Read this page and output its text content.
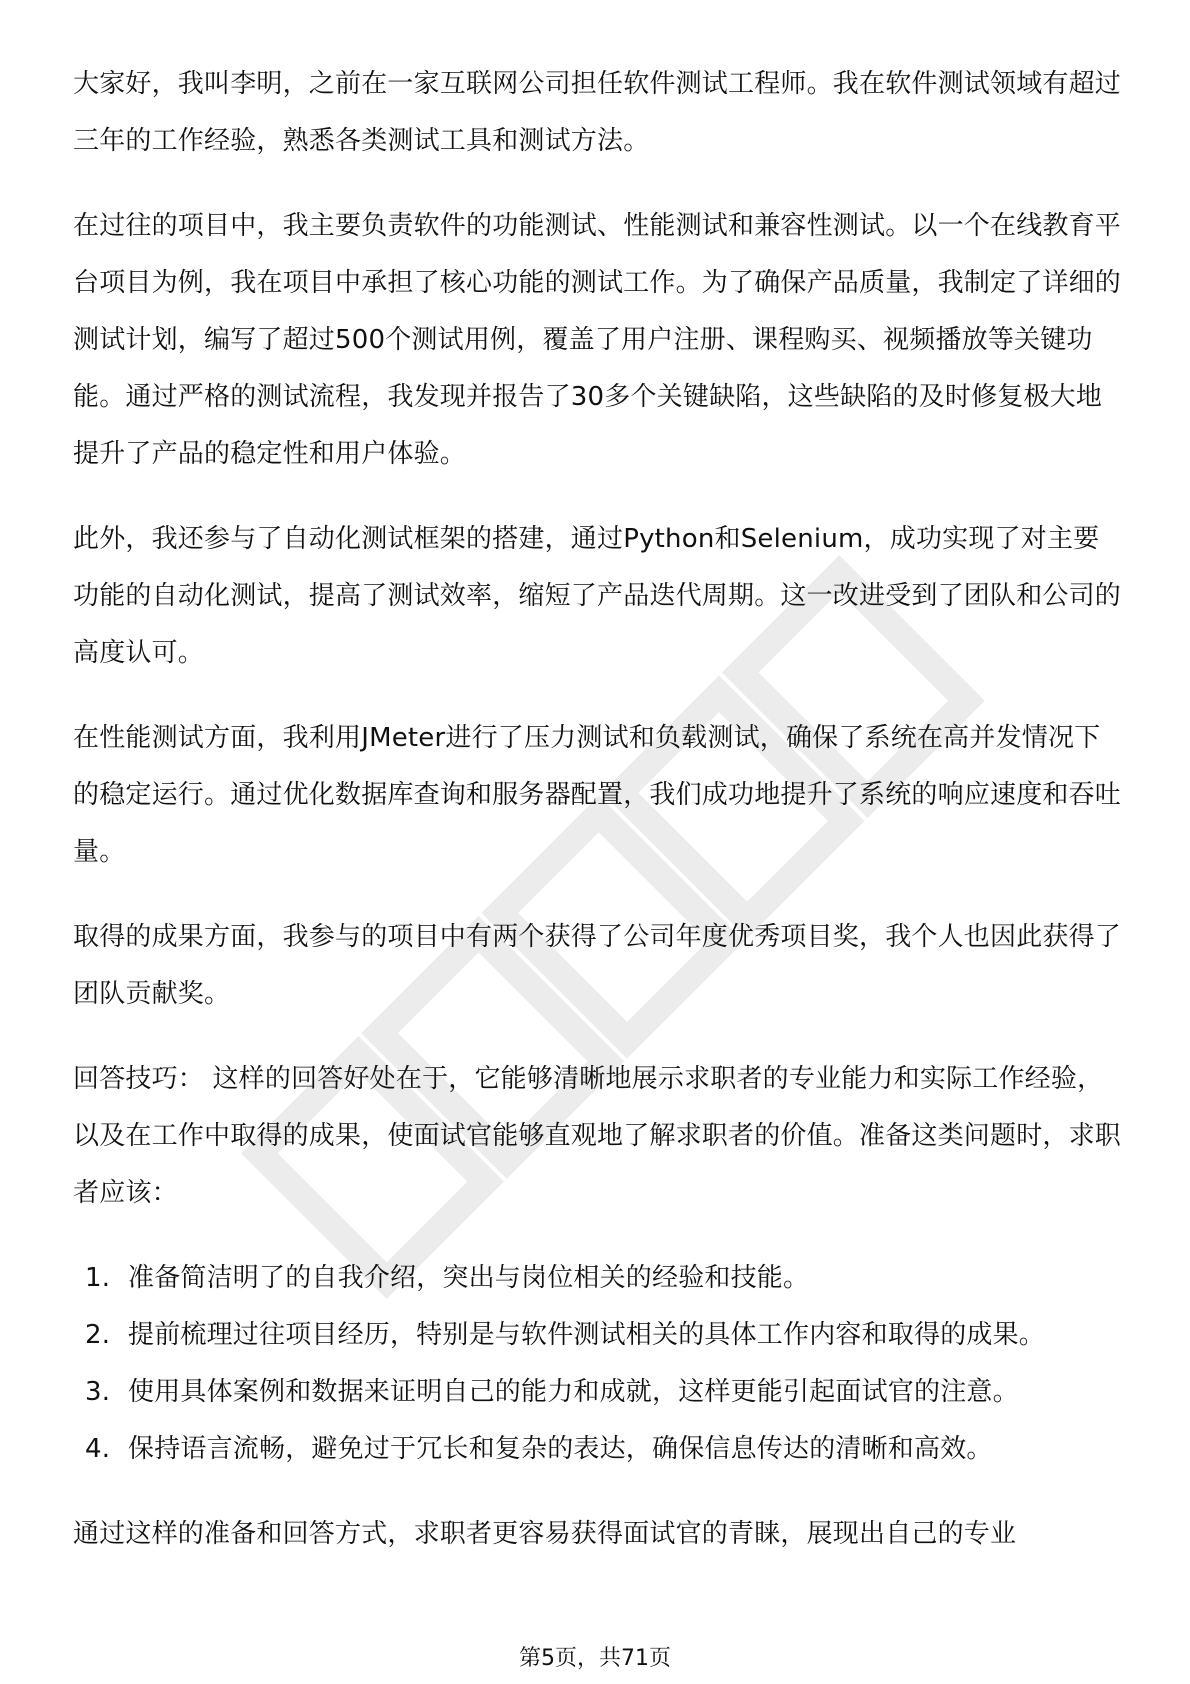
大家好，我叫李明，之前在一家互联网公司担任软件测试工程师。我在软件测试领域有超过三年的工作经验，熟悉各类测试工具和测试方法。

在过往的项目中，我主要负责软件的功能测试、性能测试和兼容性测试。以一个在线教育平台项目为例，我在项目中承担了核心功能的测试工作。为了确保产品质量，我制定了详细的测试计划，编写了超过500个测试用例，覆盖了用户注册、课程购买、视频播放等关键功能。通过严格的测试流程，我发现并报告了30多个关键缺陷，这些缺陷的及时修复极大地提升了产品的稳定性和用户体验。

此外，我还参与了自动化测试框架的搭建，通过Python和Selenium，成功实现了对主要功能的自动化测试，提高了测试效率，缩短了产品迭代周期。这一改进受到了团队和公司的高度认可。

在性能测试方面，我利用JMeter进行了压力测试和负载测试，确保了系统在高并发情况下的稳定运行。通过优化数据库查询和服务器配置，我们成功地提升了系统的响应速度和吞吐量。

取得的成果方面，我参与的项目中有两个获得了公司年度优秀项目奖，我个人也因此获得了团队贡献奖。

回答技巧： 这样的回答好处在于，它能够清晰地展示求职者的专业能力和实际工作经验，以及在工作中取得的成果，使面试官能够直观地了解求职者的价值。准备这类问题时，求职者应该：

1. 准备简洁明了的自我介绍，突出与岗位相关的经验和技能。
2. 提前梳理过往项目经历，特别是与软件测试相关的具体工作内容和取得的成果。
3. 使用具体案例和数据来证明自己的能力和成就，这样更能引起面试官的注意。
4. 保持语言流畅，避免过于冗长和复杂的表达，确保信息传达的清晰和高效。

通过这样的准备和回答方式，求职者更容易获得面试官的青睐，展现出自己的专业

第5页，共71页
